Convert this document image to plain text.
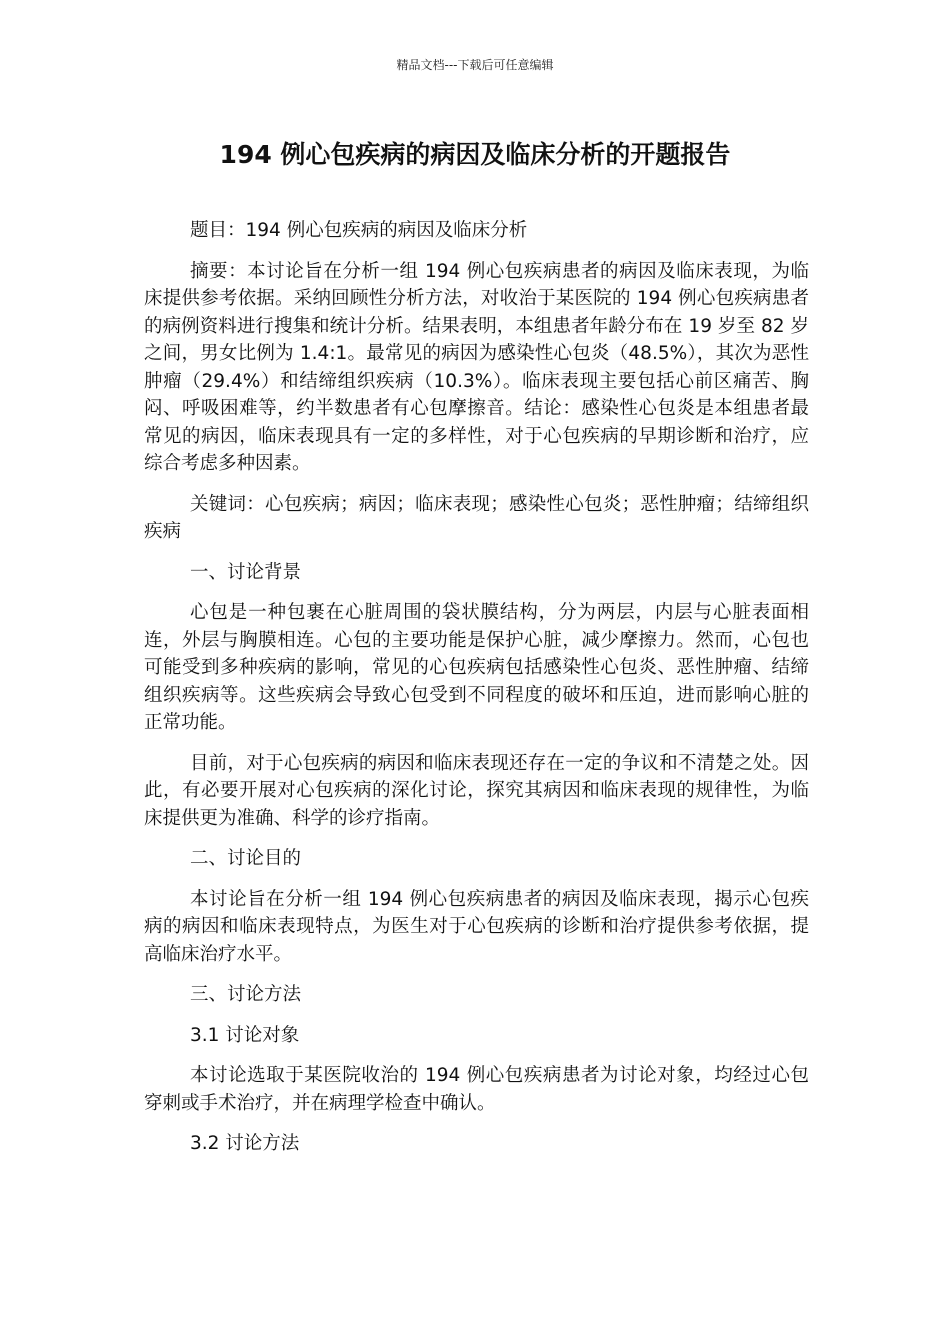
精品文档---下载后可任意编辑
194 例心包疾病的病因及临床分析的开题报告

题目：194 例心包疾病的病因及临床分析

摘要：本讨论旨在分析一组 194 例心包疾病患者的病因及临床表现，为临床提供参考依据。采纳回顾性分析方法，对收治于某医院的 194 例心包疾病患者的病例资料进行搜集和统计分析。结果表明，本组患者年龄分布在 19 岁至 82 岁之间，男女比例为 1.4:1。最常见的病因为感染性心包炎（48.5%），其次为恶性肿瘤（29.4%）和结缔组织疾病（10.3%）。临床表现主要包括心前区痛苦、胸闷、呼吸困难等，约半数患者有心包摩擦音。结论：感染性心包炎是本组患者最常见的病因，临床表现具有一定的多样性，对于心包疾病的早期诊断和治疗，应综合考虑多种因素。

关键词：心包疾病；病因；临床表现；感染性心包炎；恶性肿瘤；结缔组织疾病

一、讨论背景

心包是一种包裹在心脏周围的袋状膜结构，分为两层，内层与心脏表面相连，外层与胸膜相连。心包的主要功能是保护心脏，减少摩擦力。然而，心包也可能受到多种疾病的影响，常见的心包疾病包括感染性心包炎、恶性肿瘤、结缔组织疾病等。这些疾病会导致心包受到不同程度的破坏和压迫，进而影响心脏的正常功能。

目前，对于心包疾病的病因和临床表现还存在一定的争议和不清楚之处。因此，有必要开展对心包疾病的深化讨论，探究其病因和临床表现的规律性，为临床提供更为准确、科学的诊疗指南。

二、讨论目的

本讨论旨在分析一组 194 例心包疾病患者的病因及临床表现，揭示心包疾病的病因和临床表现特点，为医生对于心包疾病的诊断和治疗提供参考依据，提高临床治疗水平。

三、讨论方法

3.1 讨论对象

本讨论选取于某医院收治的 194 例心包疾病患者为讨论对象，均经过心包穿刺或手术治疗，并在病理学检查中确认。

3.2 讨论方法
